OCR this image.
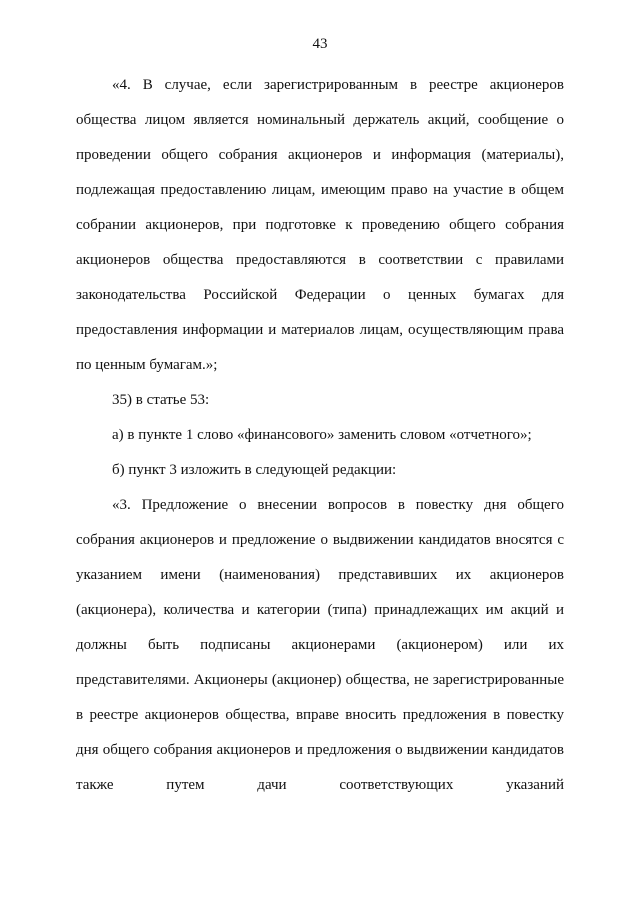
43

«4. В случае, если зарегистрированным в реестре акционеров общества лицом является номинальный держатель акций, сообщение о проведении общего собрания акционеров и информация (материалы), подлежащая предоставлению лицам, имеющим право на участие в общем собрании акционеров, при подготовке к проведению общего собрания акционеров общества предоставляются в соответствии с правилами законодательства Российской Федерации о ценных бумагах для предоставления информации и материалов лицам, осуществляющим права по ценным бумагам.»;

35) в статье 53:

а) в пункте 1 слово «финансового» заменить словом «отчетного»;

б) пункт 3 изложить в следующей редакции:

«3. Предложение о внесении вопросов в повестку дня общего собрания акционеров и предложение о выдвижении кандидатов вносятся с указанием имени (наименования) представивших их акционеров (акционера), количества и категории (типа) принадлежащих им акций и должны быть подписаны акционерами (акционером) или их представителями. Акционеры (акционер) общества, не зарегистрированные в реестре акционеров общества, вправе вносить предложения в повестку дня общего собрания акционеров и предложения о выдвижении кандидатов также путем дачи соответствующих указаний
